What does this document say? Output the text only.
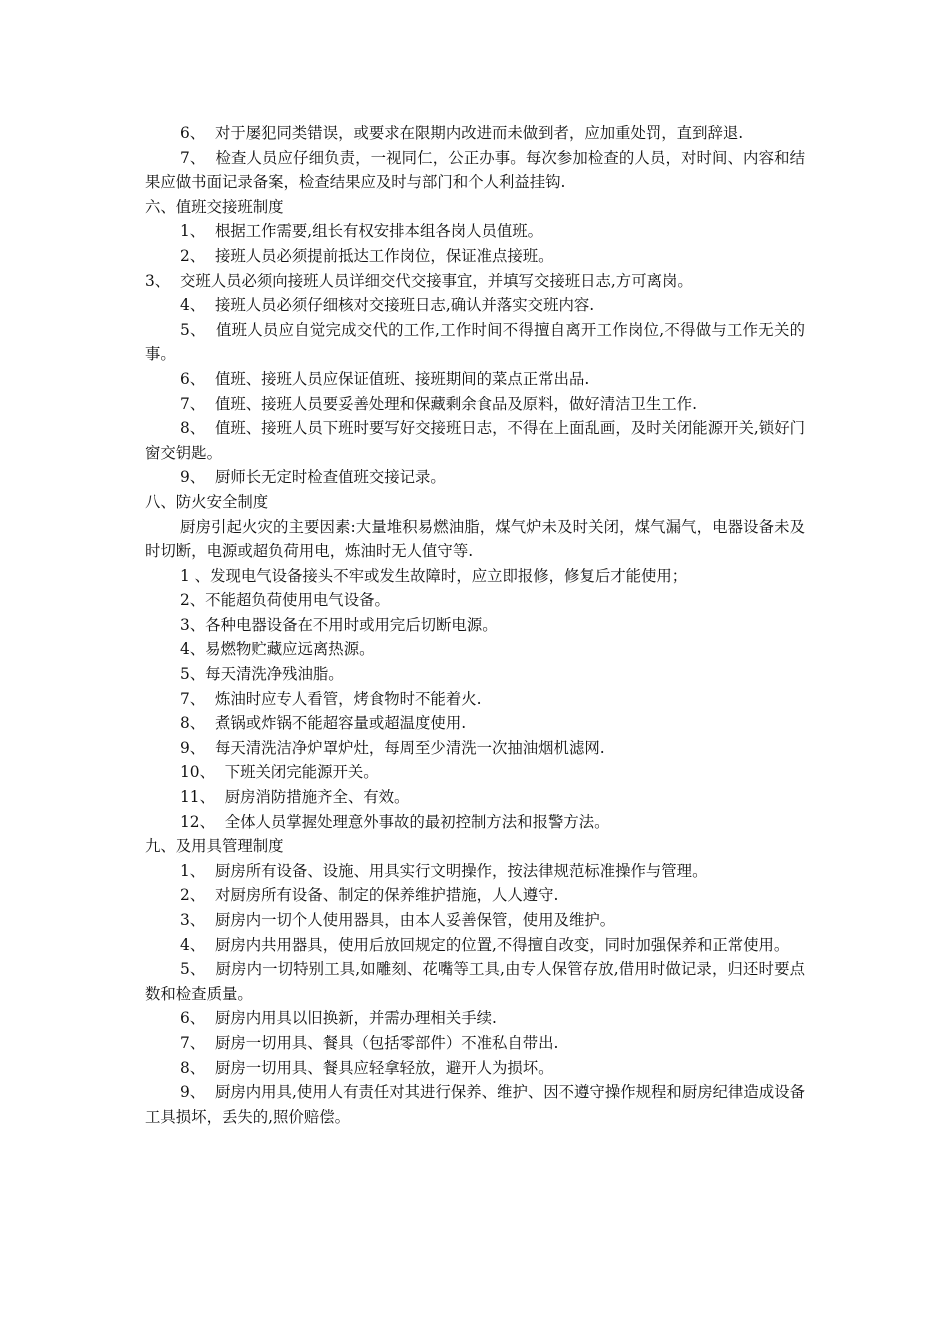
6、  对于屡犯同类错误，或要求在限期内改进而未做到者，应加重处罚，直到辞退.

7、  检查人员应仔细负责，一视同仁，公正办事。每次参加检查的人员，对时间、内容和结果应做书面记录备案，检查结果应及时与部门和个人利益挂钩.

六、值班交接班制度

1、  根据工作需要,组长有权安排本组各岗人员值班。

2、  接班人员必须提前抵达工作岗位，保证准点接班。

3、  交班人员必须向接班人员详细交代交接事宜，并填写交接班日志,方可离岗。

4、  接班人员必须仔细核对交接班日志,确认并落实交班内容.

5、  值班人员应自觉完成交代的工作,工作时间不得擅自离开工作岗位,不得做与工作无关的事。

6、  值班、接班人员应保证值班、接班期间的菜点正常出品.

7、  值班、接班人员要妥善处理和保藏剩余食品及原料，做好清洁卫生工作.

8、  值班、接班人员下班时要写好交接班日志，不得在上面乱画，及时关闭能源开关,锁好门窗交钥匙。

9、  厨师长无定时检查值班交接记录。

八、防火安全制度

厨房引起火灾的主要因素:大量堆积易燃油脂，煤气炉未及时关闭，煤气漏气，电器设备未及时切断，电源或超负荷用电，炼油时无人值守等.

1 、发现电气设备接头不牢或发生故障时，应立即报修，修复后才能使用；

2、不能超负荷使用电气设备。

3、各种电器设备在不用时或用完后切断电源。

4、易燃物贮藏应远离热源。

5、每天清洗净残油脂。

7、  炼油时应专人看管，烤食物时不能着火.

8、  煮锅或炸锅不能超容量或超温度使用.

9、  每天清洗洁净炉罩炉灶，每周至少清洗一次抽油烟机滤网.

10、  下班关闭完能源开关。

11、  厨房消防措施齐全、有效。

12、  全体人员掌握处理意外事故的最初控制方法和报警方法。

九、及用具管理制度

1、  厨房所有设备、设施、用具实行文明操作，按法律规范标准操作与管理。

2、  对厨房所有设备、制定的保养维护措施，人人遵守.

3、  厨房内一切个人使用器具，由本人妥善保管，使用及维护。

4、  厨房内共用器具，使用后放回规定的位置,不得擅自改变，同时加强保养和正常使用。

5、  厨房内一切特别工具,如雕刻、花嘴等工具,由专人保管存放,借用时做记录，归还时要点数和检查质量。

6、  厨房内用具以旧换新，并需办理相关手续.

7、  厨房一切用具、餐具（包括零部件）不准私自带出.

8、  厨房一切用具、餐具应轻拿轻放，避开人为损坏。

9、  厨房内用具,使用人有责任对其进行保养、维护、因不遵守操作规程和厨房纪律造成设备工具损坏，丢失的,照价赔偿。
